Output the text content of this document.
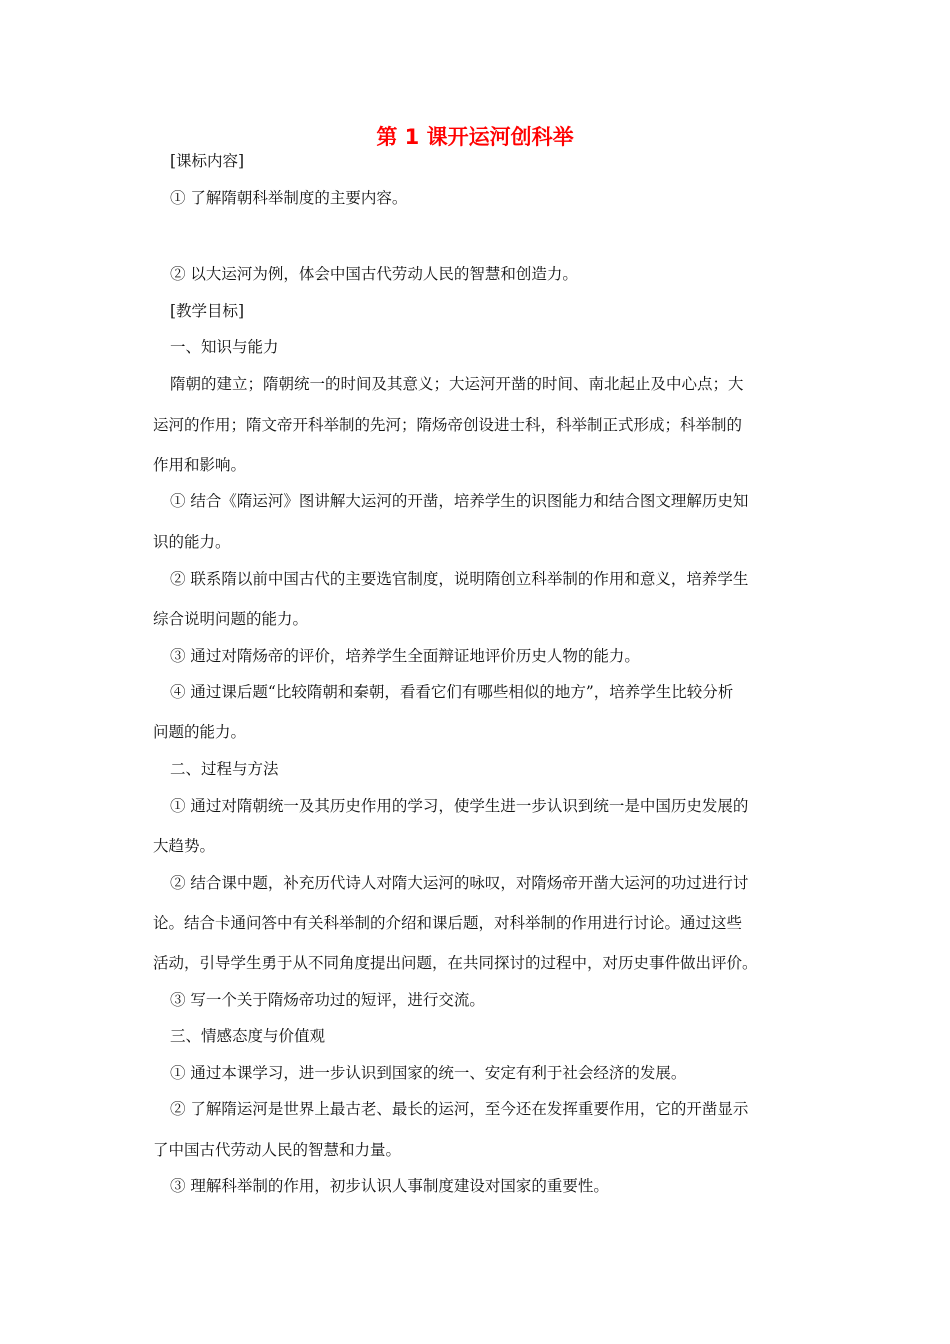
第 1 课开运河创科举
[课标内容]
① 了解隋朝科举制度的主要内容。
② 以大运河为例，体会中国古代劳动人民的智慧和创造力。
[教学目标]
一、知识与能力
隋朝的建立；隋朝统一的时间及其意义；大运河开凿的时间、南北起止及中心点；大
运河的作用；隋文帝开科举制的先河；隋炀帝创设进士科，科举制正式形成；科举制的
作用和影响。
① 结合《隋运河》图讲解大运河的开凿，培养学生的识图能力和结合图文理解历史知
识的能力。
② 联系隋以前中国古代的主要选官制度，说明隋创立科举制的作用和意义，培养学生
综合说明问题的能力。
③ 通过对隋炀帝的评价，培养学生全面辩证地评价历史人物的能力。
④ 通过课后题“比较隋朝和秦朝，看看它们有哪些相似的地方”，培养学生比较分析
问题的能力。
二、过程与方法
① 通过对隋朝统一及其历史作用的学习，使学生进一步认识到统一是中国历史发展的
大趋势。
② 结合课中题，补充历代诗人对隋大运河的咏叹，对隋炀帝开凿大运河的功过进行讨
论。结合卡通问答中有关科举制的介绍和课后题，对科举制的作用进行讨论。通过这些
活动，引导学生勇于从不同角度提出问题，在共同探讨的过程中，对历史事件做出评价。
③ 写一个关于隋炀帝功过的短评，进行交流。
三、情感态度与价值观
① 通过本课学习，进一步认识到国家的统一、安定有利于社会经济的发展。
② 了解隋运河是世界上最古老、最长的运河，至今还在发挥重要作用，它的开凿显示
了中国古代劳动人民的智慧和力量。
③ 理解科举制的作用，初步认识人事制度建设对国家的重要性。
